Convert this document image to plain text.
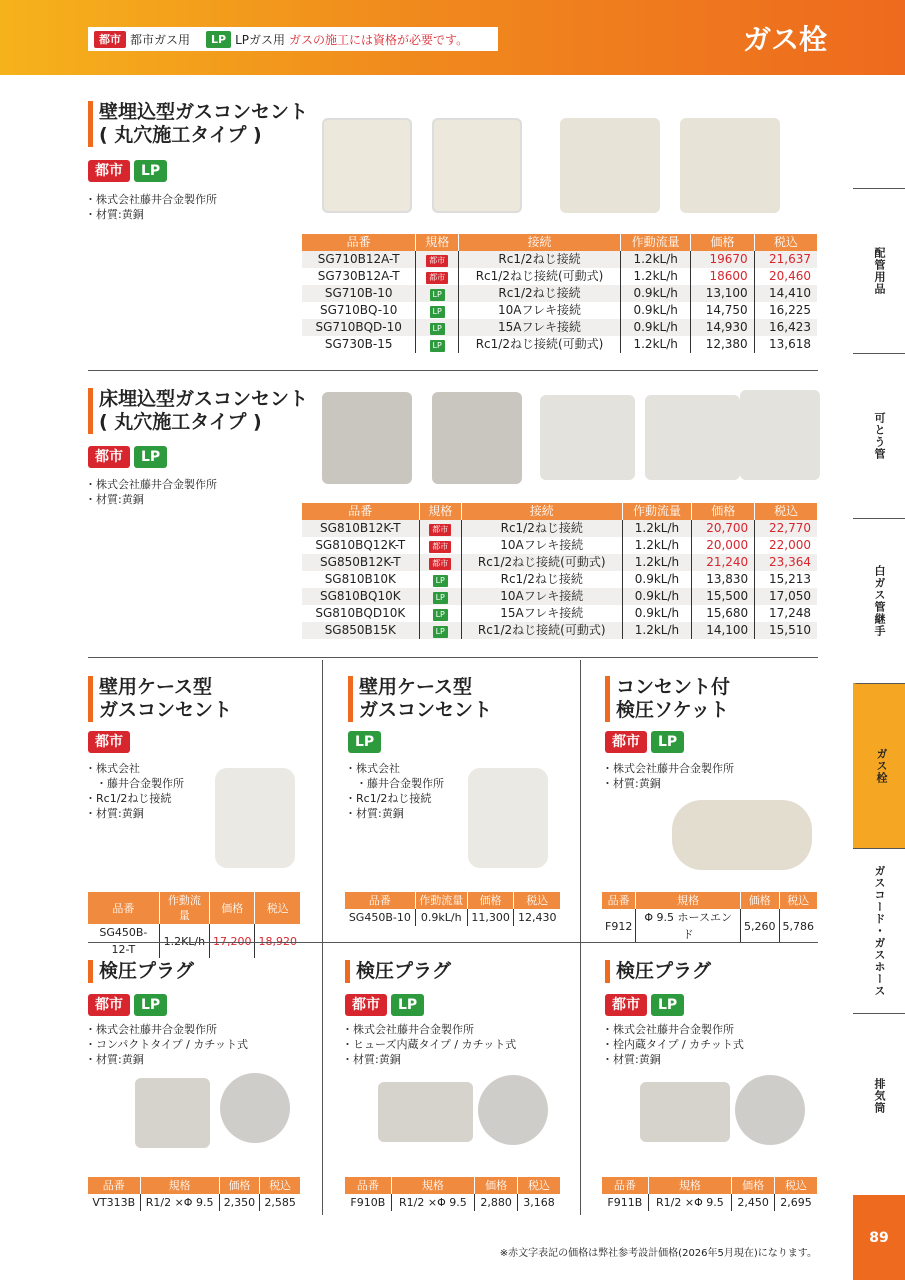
都市 都市ガス用	LP LPガス用 ガスの施工には資格が必要です。	ガス栓
配管用品
可とう管
白ガス管継手
ガス栓
ガスコード・ガスホース
排気筒
89
壁埋込型ガスコンセント
( 丸穴施工タイプ )
都市	LP
・ 株式会社藤井合金製作所
・ 材質:黄銅
品番	規格	接続	作動流量	価格	税込
SG710B12A-T	都市	Rc1/2ねじ接続	1.2kL/h	19670	21,637
SG730B12A-T	都市	Rc1/2ねじ接続(可動式)	1.2kL/h	18600	20,460
SG710B-10	LP	Rc1/2ねじ接続	0.9kL/h	13,100	14,410
SG710BQ-10	LP	10Aフレキ接続	0.9kL/h	14,750	16,225
SG710BQD-10	LP	15Aフレキ接続	0.9kL/h	14,930	16,423
SG730B-15	LP	Rc1/2ねじ接続(可動式)	1.2kL/h	12,380	13,618
床埋込型ガスコンセント
( 丸穴施工タイプ )
都市	LP
・ 株式会社藤井合金製作所
・ 材質:黄銅
品番	規格	接続	作動流量	価格	税込
SG810B12K-T	都市	Rc1/2ねじ接続	1.2kL/h	20,700	22,770
SG810BQ12K-T	都市	10Aフレキ接続	1.2kL/h	20,000	22,000
SG850B12K-T	都市	Rc1/2ねじ接続(可動式)	1.2kL/h	21,240	23,364
SG810B10K	LP	Rc1/2ねじ接続	0.9kL/h	13,830	15,213
SG810BQ10K	LP	10Aフレキ接続	0.9kL/h	15,500	17,050
SG810BQD10K	LP	15Aフレキ接続	0.9kL/h	15,680	17,248
SG850B15K	LP	Rc1/2ねじ接続(可動式)	1.2kL/h	14,100	15,510
壁用ケース型
ガスコンセント
都市
・ 株式会社
・ 藤井合金製作所
・ Rc1/2ねじ接続
・ 材質:黄銅
品番	作動流量	価格	税込
SG450B-12-T	1.2KL/h	17,200	18,920
壁用ケース型
ガスコンセント
LP
・ 株式会社
・ 藤井合金製作所
・ Rc1/2ねじ接続
・ 材質:黄銅
品番	作動流量	価格	税込
SG450B-10	0.9kL/h	11,300	12,430
コンセント付
検圧ソケット
都市	LP
・ 株式会社藤井合金製作所
・ 材質:黄銅
品番	規格	価格	税込
F912	Φ 9.5 ホースエンド	5,260	5,786
検圧プラグ
都市	LP
・ 株式会社藤井合金製作所
・ コンパクトタイプ / カチット式
・ 材質:黄銅
品番	規格	価格	税込
VT313B	R1/2 ×Φ 9.5	2,350	2,585
検圧プラグ
都市	LP
・ 株式会社藤井合金製作所
・ ヒューズ内蔵タイプ / カチット式
・ 材質:黄銅
品番	規格	価格	税込
F910B	R1/2 ×Φ 9.5	2,880	3,168
検圧プラグ
都市	LP
・ 株式会社藤井合金製作所
・ 栓内蔵タイプ / カチット式
・ 材質:黄銅
品番	規格	価格	税込
F911B	R1/2 ×Φ 9.5	2,450	2,695
※赤文字表記の価格は弊社参考設計価格(2026年5月現在)になります。
